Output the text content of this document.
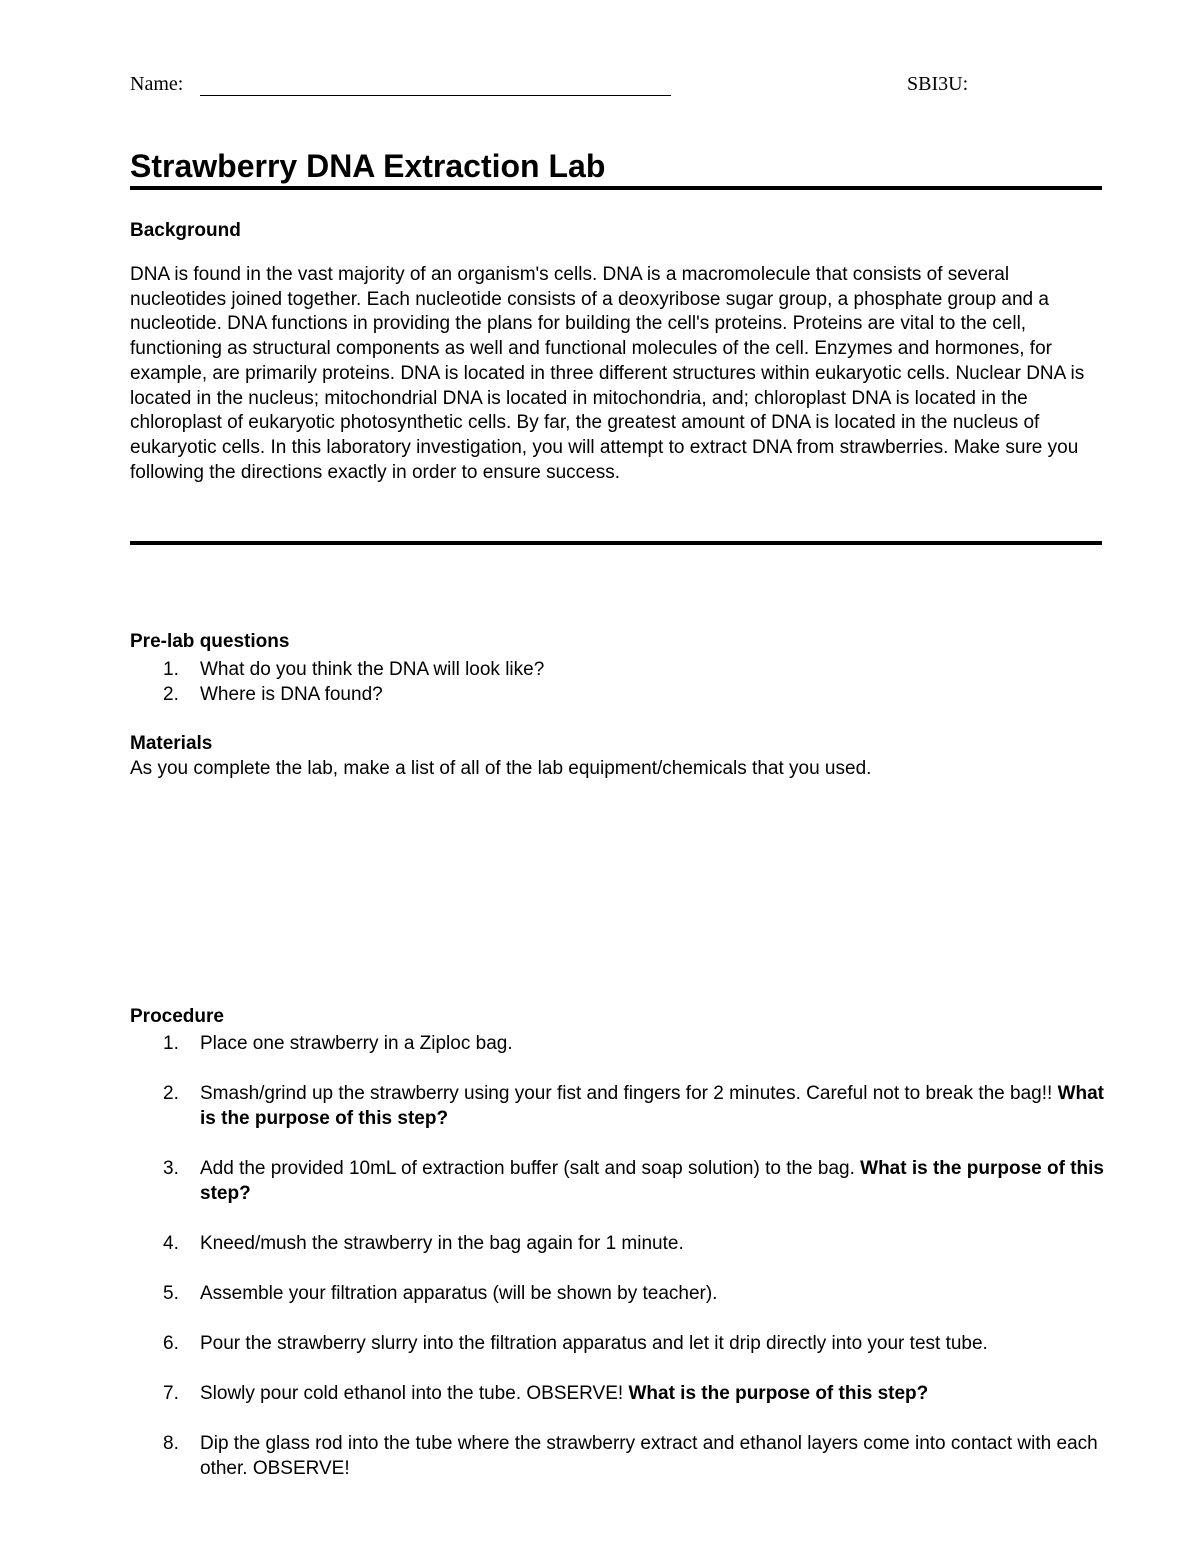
Name:	SBI3U:
Strawberry DNA Extraction Lab
Background

DNA is found in the vast majority of an organism's cells. DNA is a macromolecule that consists of several nucleotides joined together. Each nucleotide consists of a deoxyribose sugar group, a phosphate group and a nucleotide. DNA functions in providing the plans for building the cell's proteins. Proteins are vital to the cell, functioning as structural components as well and functional molecules of the cell. Enzymes and hormones, for example, are primarily proteins. DNA is located in three different structures within eukaryotic cells. Nuclear DNA is located in the nucleus; mitochondrial DNA is located in mitochondria, and; chloroplast DNA is located in the chloroplast of eukaryotic photosynthetic cells. By far, the greatest amount of DNA is located in the nucleus of eukaryotic cells. In this laboratory investigation, you will attempt to extract DNA from strawberries. Make sure you following the directions exactly in order to ensure success.

Pre-lab questions
1. What do you think the DNA will look like?
2. Where is DNA found?
Materials

As you complete the lab, make a list of all of the lab equipment/chemicals that you used.

Procedure
1. Place one strawberry in a Ziploc bag.
2. Smash/grind up the strawberry using your fist and fingers for 2 minutes. Careful not to break the bag!! What is the purpose of this step?
3. Add the provided 10mL of extraction buffer (salt and soap solution) to the bag. What is the purpose of this step?
4. Kneed/mush the strawberry in the bag again for 1 minute.
5. Assemble your filtration apparatus (will be shown by teacher).
6. Pour the strawberry slurry into the filtration apparatus and let it drip directly into your test tube.
7. Slowly pour cold ethanol into the tube. OBSERVE! What is the purpose of this step?
8. Dip the glass rod into the tube where the strawberry extract and ethanol layers come into contact with each other. OBSERVE!
